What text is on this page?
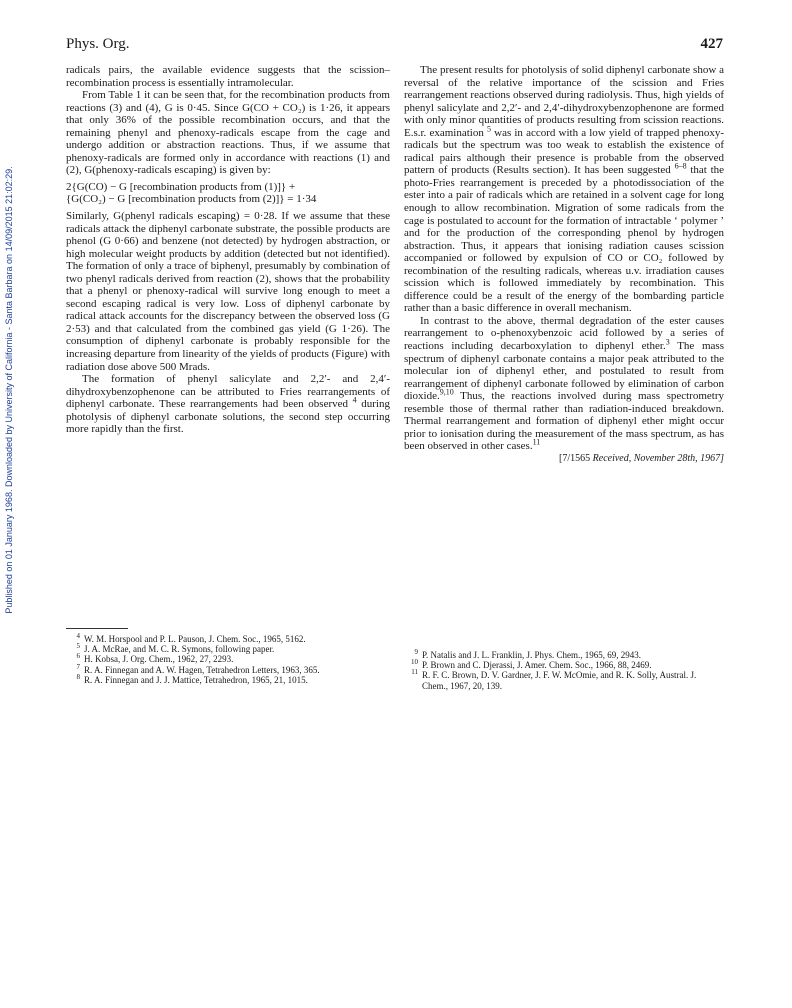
Published on 01 January 1968. Downloaded by University of California - Santa Barbara on 14/09/2015 21:02:29.
Phys. Org.	427

radicals pairs, the available evidence suggests that the scission–recombination process is essentially intramolecular.

From Table 1 it can be seen that, for the recombination products from reactions (3) and (4), G is 0·45. Since G(CO + CO₂) is 1·26, it appears that only 36% of the possible recombination occurs, and that the remaining phenyl and phenoxy-radicals escape from the cage and undergo addition or abstraction reactions. Thus, if we assume that phenoxy-radicals are formed only in accordance with reactions (1) and (2), G(phenoxy-radicals escaping) is given by:

2{G(CO) − G [recombination products from (1)]} +
{G(CO₂) − G [recombination products from (2)]} = 1·34

Similarly, G(phenyl radicals escaping) = 0·28. If we assume that these radicals attack the diphenyl carbonate substrate, the possible products are phenol (G 0·66) and benzene (not detected) by hydrogen abstraction, or high molecular weight products by addition (detected but not identified). The formation of only a trace of biphenyl, presumably by combination of two phenyl radicals derived from reaction (2), shows that the probability that a phenyl or phenoxy-radical will survive long enough to meet a second escaping radical is very low. Loss of diphenyl carbonate by radical attack accounts for the discrepancy between the observed loss (G 2·53) and that calculated from the combined gas yield (G 1·26). The consumption of diphenyl carbonate is probably responsible for the increasing departure from linearity of the yields of products (Figure) with radiation dose above 500 Mrads.

The formation of phenyl salicylate and 2,2′- and 2,4′-dihydroxybenzophenone can be attributed to Fries rearrangements of diphenyl carbonate. These rearrangements had been observed $^4$ during photolysis of diphenyl carbonate solutions, the second step occurring more rapidly than the first.

The present results for photolysis of solid diphenyl carbonate show a reversal of the relative importance of the scission and Fries rearrangement reactions observed during radiolysis. Thus, high yields of phenyl salicylate and 2,2′- and 2,4′-dihydroxybenzophenone are formed with only minor quantities of products resulting from scission reactions. E.s.r. examination $^5$ was in accord with a low yield of trapped phenoxy-radicals but the spectrum was too weak to establish the existence of radical pairs although their presence is probable from the observed pattern of products (Results section). It has been suggested $^{6-8}$ that the photo-Fries rearrangement is preceded by a photodissociation of the ester into a pair of radicals which are retained in a solvent cage for long enough to allow recombination. Migration of some radicals from the cage is postulated to account for the formation of intractable ‘ polymer ’ and for the production of the corresponding phenol by hydrogen abstraction. Thus, it appears that ionising radiation causes scission accompanied or followed by expulsion of CO or CO₂ followed by recombination of the resulting radicals, whereas u.v. irradiation causes scission which is followed immediately by recombination. This difference could be a result of the energy of the bombarding particle rather than a basic difference in overall mechanism.

In contrast to the above, thermal degradation of the ester causes rearrangement to o-phenoxybenzoic acid followed by a series of reactions including decarboxylation to diphenyl ether.$^3$ The mass spectrum of diphenyl carbonate contains a major peak attributed to the molecular ion of diphenyl ether, and postulated to result from rearrangement of diphenyl carbonate followed by elimination of carbon dioxide.$^{9,10}$ Thus, the reactions involved during mass spectrometry resemble those of thermal rather than radiation-induced breakdown. Thermal rearrangement and formation of diphenyl ether might occur prior to ionisation during the measurement of the mass spectrum, as has been observed in other cases.$^{11}$

[7/1565 Received, November 28th, 1967]

4 W. M. Horspool and P. L. Pauson, J. Chem. Soc., 1965, 5162.

5 J. A. McRae, and M. C. R. Symons, following paper.

6 H. Kobsa, J. Org. Chem., 1962, 27, 2293.

7 R. A. Finnegan and A. W. Hagen, Tetrahedron Letters, 1963, 365.

8 R. A. Finnegan and J. J. Mattice, Tetrahedron, 1965, 21, 1015.

9 P. Natalis and J. L. Franklin, J. Phys. Chem., 1965, 69, 2943.

10 P. Brown and C. Djerassi, J. Amer. Chem. Soc., 1966, 88, 2469.

11 R. F. C. Brown, D. V. Gardner, J. F. W. McOmie, and R. K. Solly, Austral. J. Chem., 1967, 20, 139.
